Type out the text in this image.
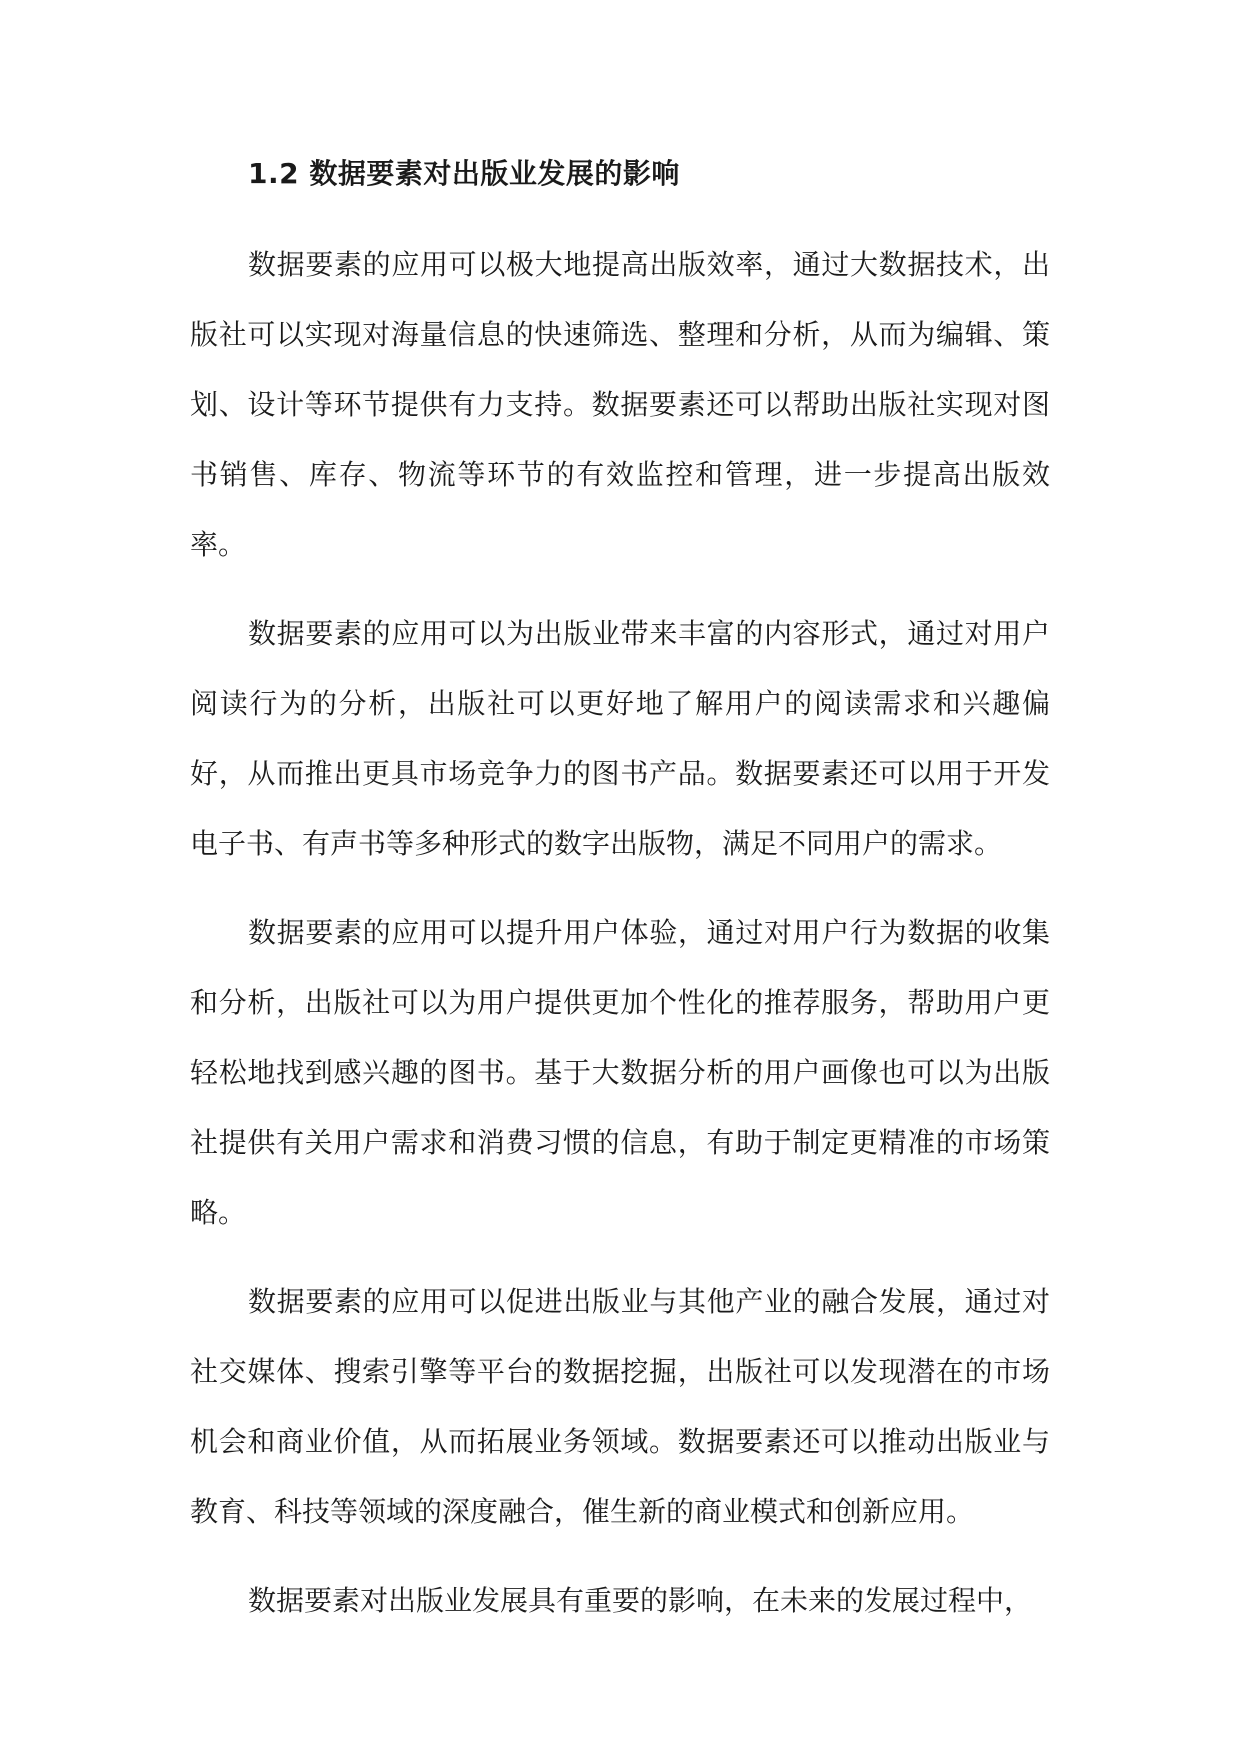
1.2 数据要素对出版业发展的影响

数据要素的应用可以极大地提高出版效率，通过大数据技术，出版社可以实现对海量信息的快速筛选、整理和分析，从而为编辑、策划、设计等环节提供有力支持。数据要素还可以帮助出版社实现对图书销售、库存、物流等环节的有效监控和管理，进一步提高出版效率。

数据要素的应用可以为出版业带来丰富的内容形式，通过对用户阅读行为的分析，出版社可以更好地了解用户的阅读需求和兴趣偏好，从而推出更具市场竞争力的图书产品。数据要素还可以用于开发电子书、有声书等多种形式的数字出版物，满足不同用户的需求。

数据要素的应用可以提升用户体验，通过对用户行为数据的收集和分析，出版社可以为用户提供更加个性化的推荐服务，帮助用户更轻松地找到感兴趣的图书。基于大数据分析的用户画像也可以为出版社提供有关用户需求和消费习惯的信息，有助于制定更精准的市场策略。

数据要素的应用可以促进出版业与其他产业的融合发展，通过对社交媒体、搜索引擎等平台的数据挖掘，出版社可以发现潜在的市场机会和商业价值，从而拓展业务领域。数据要素还可以推动出版业与教育、科技等领域的深度融合，催生新的商业模式和创新应用。

数据要素对出版业发展具有重要的影响，在未来的发展过程中，
